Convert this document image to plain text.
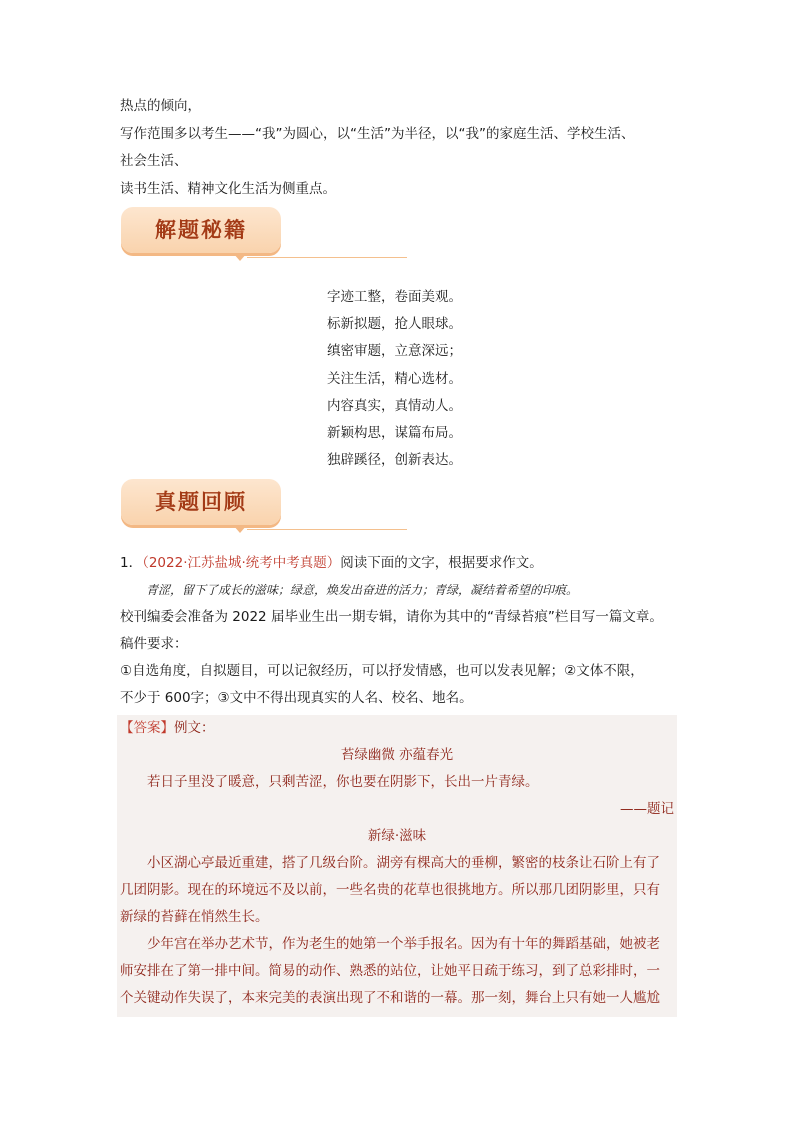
热点的倾向，

写作范围多以考生——“我”为圆心，以“生活”为半径，以“我”的家庭生活、学校生活、

社会生活、

读书生活、精神文化生活为侧重点。

解题秘籍

字迹工整，卷面美观。

标新拟题，抢人眼球。

缜密审题，立意深远；

关注生活，精心选材。

内容真实，真情动人。

新颖构思，谋篇布局。

独辟蹊径，创新表达。

真题回顾

1．（2022·江苏盐城·统考中考真题）阅读下面的文字，根据要求作文。

青涩，留下了成长的滋味；绿意，焕发出奋进的活力；青绿，凝结着希望的印痕。

校刊编委会准备为 2022 届毕业生出一期专辑，请你为其中的“青绿苔痕”栏目写一篇文章。

稿件要求：

①自选角度，自拟题目，可以记叙经历，可以抒发情感，也可以发表见解；②文体不限，

不少于 600字；③文中不得出现真实的人名、校名、地名。

【答案】例文：

苔绿幽微 亦蕴春光

若日子里没了暖意，只剩苦涩，你也要在阴影下，长出一片青绿。

——题记

新绿·滋味

小区湖心亭最近重建，搭了几级台阶。湖旁有棵高大的垂柳，繁密的枝条让石阶上有了

几团阴影。现在的环境远不及以前，一些名贵的花草也很挑地方。所以那几团阴影里，只有

新绿的苔藓在悄然生长。

少年宫在举办艺术节，作为老生的她第一个举手报名。因为有十年的舞蹈基础，她被老

师安排在了第一排中间。简易的动作、熟悉的站位，让她平日疏于练习，到了总彩排时，一

个关键动作失误了，本来完美的表演出现了不和谐的一幕。那一刻，舞台上只有她一人尴尬
